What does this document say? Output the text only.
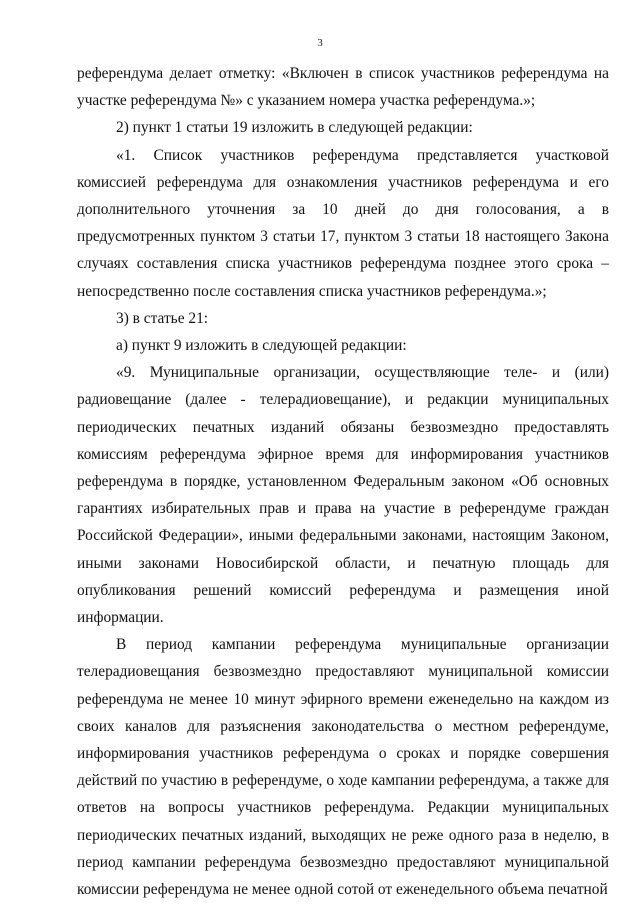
3

референдума делает отметку: «Включен в список участников референдума на участке референдума №» с указанием номера участка референдума.»;

2) пункт 1 статьи 19 изложить в следующей редакции:

«1. Список участников референдума представляется участковой комиссией референдума для ознакомления участников референдума и его дополнительного уточнения за 10 дней до дня голосования, а в предусмотренных пунктом 3 статьи 17, пунктом 3 статьи 18 настоящего Закона случаях составления списка участников референдума позднее этого срока – непосредственно после составления списка участников референдума.»;

3) в статье 21:

а) пункт 9 изложить в следующей редакции:

«9. Муниципальные организации, осуществляющие теле- и (или) радиовещание (далее - телерадиовещание), и редакции муниципальных периодических печатных изданий обязаны безвозмездно предоставлять комиссиям референдума эфирное время для информирования участников референдума в порядке, установленном Федеральным законом «Об основных гарантиях избирательных прав и права на участие в референдуме граждан Российской Федерации», иными федеральными законами, настоящим Законом, иными законами Новосибирской области, и печатную площадь для опубликования решений комиссий референдума и размещения иной информации.

В период кампании референдума муниципальные организации телерадиовещания безвозмездно предоставляют муниципальной комиссии референдума не менее 10 минут эфирного времени еженедельно на каждом из своих каналов для разъяснения законодательства о местном референдуме, информирования участников референдума о сроках и порядке совершения действий по участию в референдуме, о ходе кампании референдума, а также для ответов на вопросы участников референдума. Редакции муниципальных периодических печатных изданий, выходящих не реже одного раза в неделю, в период кампании референдума безвозмездно предоставляют муниципальной комиссии референдума не менее одной сотой от еженедельного объема печатной
